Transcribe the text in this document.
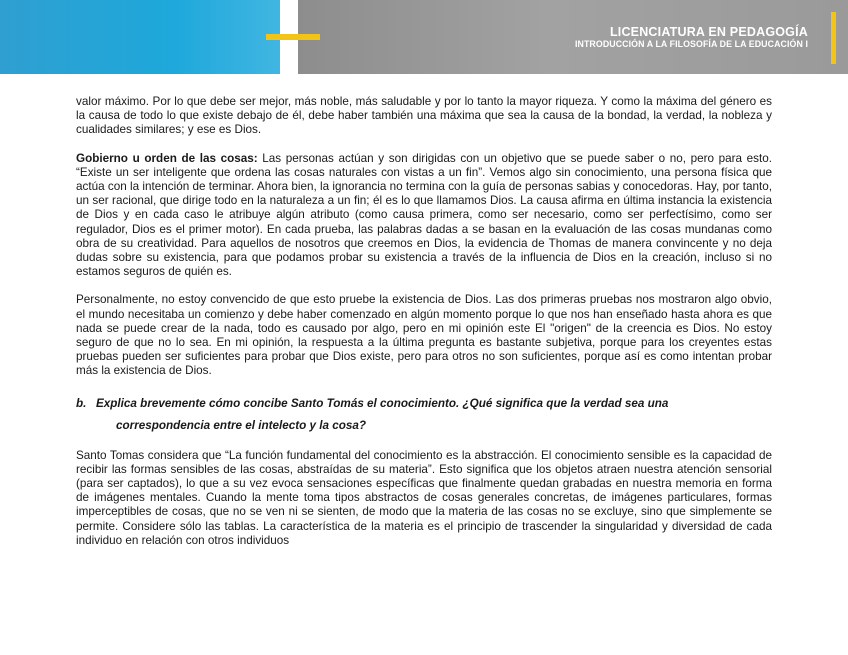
LICENCIATURA EN PEDAGOGÍA
INTRODUCCIÓN A LA FILOSOFÍA DE LA EDUCACIÓN I

valor máximo. Por lo que debe ser mejor, más noble, más saludable y por lo tanto la mayor riqueza. Y como la máxima del género es la causa de todo lo que existe debajo de él, debe haber también una máxima que sea la causa de la bondad, la verdad, la nobleza y cualidades similares; y ese es Dios.

Gobierno u orden de las cosas: Las personas actúan y son dirigidas con un objetivo que se puede saber o no, pero para esto. “Existe un ser inteligente que ordena las cosas naturales con vistas a un fin”. Vemos algo sin conocimiento, una persona física que actúa con la intención de terminar. Ahora bien, la ignorancia no termina con la guía de personas sabias y conocedoras. Hay, por tanto, un ser racional, que dirige todo en la naturaleza a un fin; él es lo que llamamos Dios. La causa afirma en última instancia la existencia de Dios y en cada caso le atribuye algún atributo (como causa primera, como ser necesario, como ser perfectísimo, como ser regulador, Dios es el primer motor). En cada prueba, las palabras dadas a se basan en la evaluación de las cosas mundanas como obra de su creatividad. Para aquellos de nosotros que creemos en Dios, la evidencia de Thomas de manera convincente y no deja dudas sobre su existencia, para que podamos probar su existencia a través de la influencia de Dios en la creación, incluso si no estamos seguros de quién es.

Personalmente, no estoy convencido de que esto pruebe la existencia de Dios. Las dos primeras pruebas nos mostraron algo obvio, el mundo necesitaba un comienzo y debe haber comenzado en algún momento porque lo que nos han enseñado hasta ahora es que nada se puede crear de la nada, todo es causado por algo, pero en mi opinión este El "origen" de la creencia es Dios. No estoy seguro de que no lo sea. En mi opinión, la respuesta a la última pregunta es bastante subjetiva, porque para los creyentes estas pruebas pueden ser suficientes para probar que Dios existe, pero para otros no son suficientes, porque así es como intentan probar más la existencia de Dios.

b. Explica brevemente cómo concibe Santo Tomás el conocimiento. ¿Qué significa que la verdad sea una
correspondencia entre el intelecto y la cosa?

Santo Tomas considera que “La función fundamental del conocimiento es la abstracción. El conocimiento sensible es la capacidad de recibir las formas sensibles de las cosas, abstraídas de su materia”. Esto significa que los objetos atraen nuestra atención sensorial (para ser captados), lo que a su vez evoca sensaciones específicas que finalmente quedan grabadas en nuestra memoria en forma de imágenes mentales. Cuando la mente toma tipos abstractos de cosas generales concretas, de imágenes particulares, formas imperceptibles de cosas, que no se ven ni se sienten, de modo que la materia de las cosas no se excluye, sino que simplemente se permite. Considere sólo las tablas. La característica de la materia es el principio de trascender la singularidad y diversidad de cada individuo en relación con otros individuos
